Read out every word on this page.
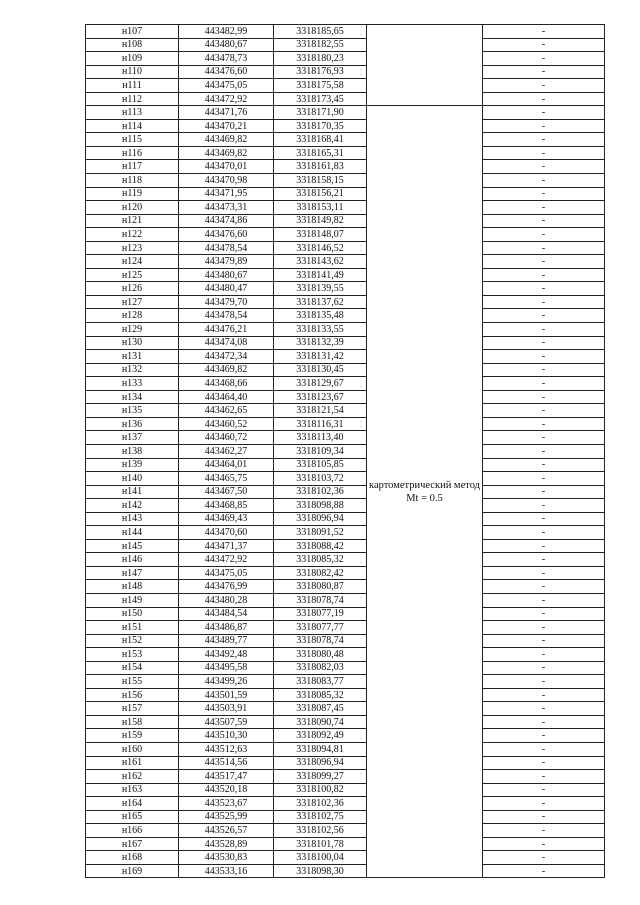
н107	443482,99	3318185,65		-
н108	443480,67	3318182,55		-
н109	443478,73	3318180,23		-
н110	443476,60	3318176,93		-
н111	443475,05	3318175,58		-
н112	443472,92	3318173,45		-
н113	443471,76	3318171,90	картометрический метод Mt = 0.5	-
н114	443470,21	3318170,35		-
н115	443469,82	3318168,41		-
н116	443469,82	3318165,31		-
н117	443470,01	3318161,83		-
н118	443470,98	3318158,15		-
н119	443471,95	3318156,21		-
н120	443473,31	3318153,11		-
н121	443474,86	3318149,82		-
н122	443476,60	3318148,07		-
н123	443478,54	3318146,52		-
н124	443479,89	3318143,62		-
н125	443480,67	3318141,49		-
н126	443480,47	3318139,55		-
н127	443479,70	3318137,62		-
н128	443478,54	3318135,48		-
н129	443476,21	3318133,55		-
н130	443474,08	3318132,39		-
н131	443472,34	3318131,42		-
н132	443469,82	3318130,45		-
н133	443468,66	3318129,67		-
н134	443464,40	3318123,67		-
н135	443462,65	3318121,54		-
н136	443460,52	3318116,31		-
н137	443460,72	3318113,40		-
н138	443462,27	3318109,34		-
н139	443464,01	3318105,85		-
н140	443465,75	3318103,72		-
н141	443467,50	3318102,36		-
н142	443468,85	3318098,88		-
н143	443469,43	3318096,94		-
н144	443470,60	3318091,52		-
н145	443471,37	3318088,42		-
н146	443472,92	3318085,32		-
н147	443475,05	3318082,42		-
н148	443476,99	3318080,87		-
н149	443480,28	3318078,74		-
н150	443484,54	3318077,19		-
н151	443486,87	3318077,77		-
н152	443489,77	3318078,74		-
н153	443492,48	3318080,48		-
н154	443495,58	3318082,03		-
н155	443499,26	3318083,77		-
н156	443501,59	3318085,32		-
н157	443503,91	3318087,45		-
н158	443507,59	3318090,74		-
н159	443510,30	3318092,49		-
н160	443512,63	3318094,81		-
н161	443514,56	3318096,94		-
н162	443517,47	3318099,27		-
н163	443520,18	3318100,82		-
н164	443523,67	3318102,36		-
н165	443525,99	3318102,75		-
н166	443526,57	3318102,56		-
н167	443528,89	3318101,78		-
н168	443530,83	3318100,04		-
н169	443533,16	3318098,30		-
